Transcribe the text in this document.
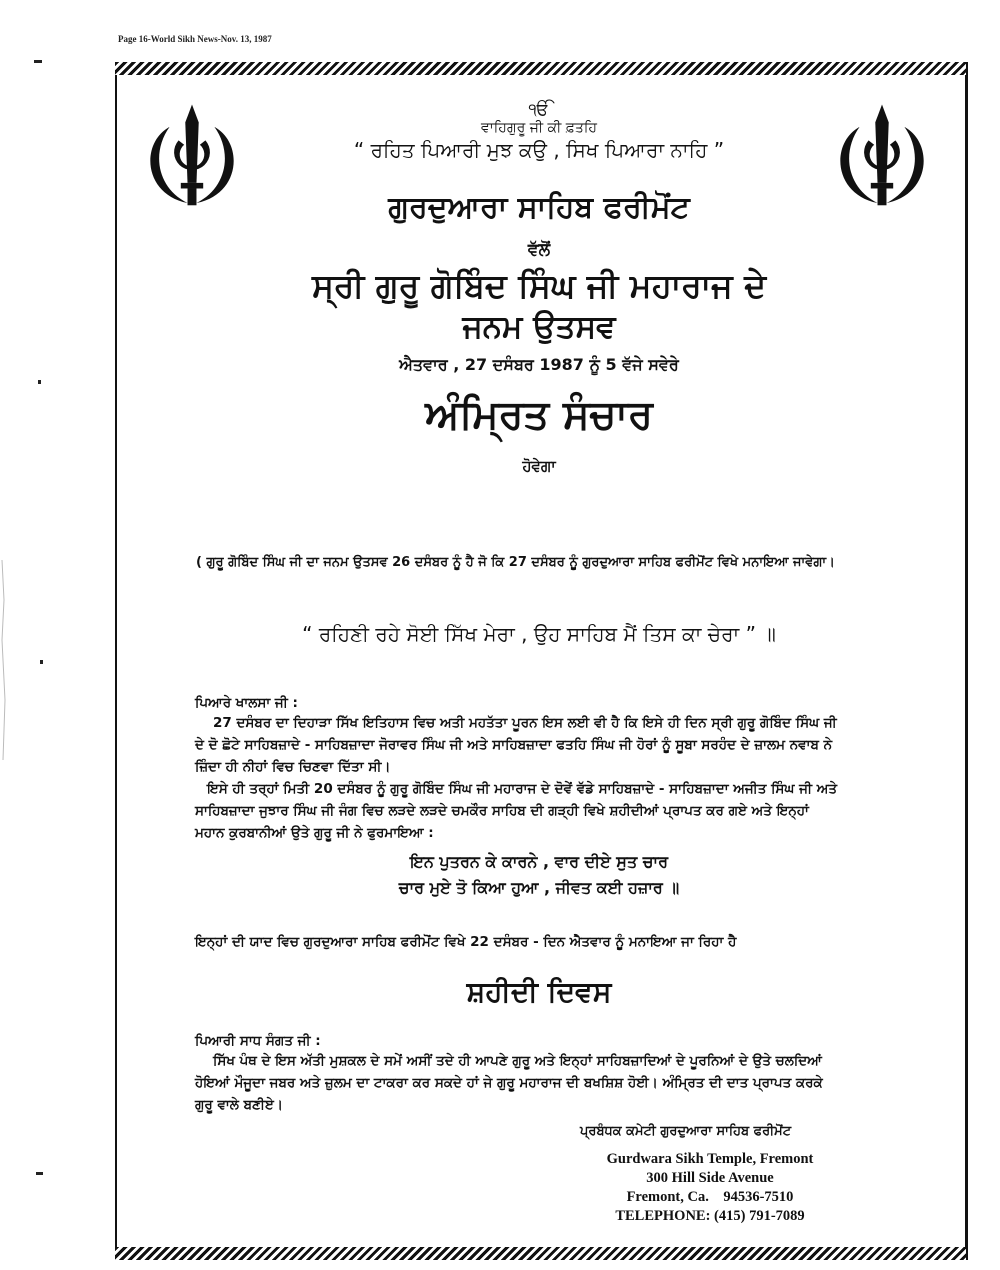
Page 16-World Sikh News-Nov. 13, 1987
ੴ
ਵਾਹਿਗੁਰੂ ਜੀ ਕੀ ਫ਼ਤਹਿ
“ ਰਹਿਤ ਪਿਆਰੀ ਮੁਝ ਕਉ , ਸਿਖ ਪਿਆਰਾ ਨਾਹਿ ”
ਗੁਰਦੁਆਰਾ ਸਾਹਿਬ ਫਰੀਮੋਂਟ
ਵੱਲੋਂ
ਸ੍ਰੀ ਗੁਰੂ ਗੋਬਿੰਦ ਸਿੰਘ ਜੀ ਮਹਾਰਾਜ ਦੇ
ਜਨਮ ਉਤਸਵ
ਐਤਵਾਰ , 27 ਦਸੰਬਰ 1987 ਨੂੰ 5 ਵੱਜੇ ਸਵੇਰੇ
ਅੰਮ੍ਰਿਤ ਸੰਚਾਰ
ਹੋਵੇਗਾ
( ਗੁਰੂ ਗੋਬਿੰਦ ਸਿੰਘ ਜੀ ਦਾ ਜਨਮ ਉਤਸਵ 26 ਦਸੰਬਰ ਨੂੰ ਹੈ ਜੋ ਕਿ 27 ਦਸੰਬਰ ਨੂੰ ਗੁਰਦੁਆਰਾ ਸਾਹਿਬ ਫਰੀਮੋਂਟ ਵਿਖੇ ਮਨਾਇਆ ਜਾਵੇਗਾ।
“ ਰਹਿਣੀ ਰਹੇ ਸੋਈ ਸਿੱਖ ਮੇਰਾ , ਉਹ ਸਾਹਿਬ ਮੈਂ ਤਿਸ ਕਾ ਚੇਰਾ ” ॥
ਪਿਆਰੇ ਖਾਲਸਾ ਜੀ :
27 ਦਸੰਬਰ ਦਾ ਦਿਹਾੜਾ ਸਿੱਖ ਇਤਿਹਾਸ ਵਿਚ ਅਤੀ ਮਹਤੱਤਾ ਪੂਰਨ ਇਸ ਲਈ ਵੀ ਹੈ ਕਿ ਇਸੇ ਹੀ ਦਿਨ ਸ੍ਰੀ ਗੁਰੂ ਗੋਬਿੰਦ ਸਿੰਘ ਜੀ ਦੇ ਦੋ ਛੋਟੇ ਸਾਹਿਬਜ਼ਾਦੇ - ਸਾਹਿਬਜ਼ਾਦਾ ਜੋਰਾਵਰ ਸਿੰਘ ਜੀ ਅਤੇ ਸਾਹਿਬਜ਼ਾਦਾ ਫਤਹਿ ਸਿੰਘ ਜੀ ਹੋਰਾਂ ਨੂੰ ਸੂਬਾ ਸਰਹੰਦ ਦੇ ਜ਼ਾਲਮ ਨਵਾਬ ਨੇ ਜ਼ਿੰਦਾ ਹੀ ਨੀਹਾਂ ਵਿਚ ਚਿਣਵਾ ਦਿੱਤਾ ਸੀ।
ਇਸੇ ਹੀ ਤਰ੍ਹਾਂ ਮਿਤੀ 20 ਦਸੰਬਰ ਨੂੰ ਗੁਰੂ ਗੋਬਿੰਦ ਸਿੰਘ ਜੀ ਮਹਾਰਾਜ ਦੇ ਦੋਵੇਂ ਵੱਡੇ ਸਾਹਿਬਜ਼ਾਦੇ - ਸਾਹਿਬਜ਼ਾਦਾ ਅਜੀਤ ਸਿੰਘ ਜੀ ਅਤੇ ਸਾਹਿਬਜ਼ਾਦਾ ਜੁਝਾਰ ਸਿੰਘ ਜੀ ਜੰਗ ਵਿਚ ਲੜਦੇ ਲੜਦੇ ਚਮਕੌਰ ਸਾਹਿਬ ਦੀ ਗੜ੍ਹੀ ਵਿਖੇ ਸ਼ਹੀਦੀਆਂ ਪ੍ਰਾਪਤ ਕਰ ਗਏ ਅਤੇ ਇਨ੍ਹਾਂ ਮਹਾਨ ਕੁਰਬਾਨੀਆਂ ਉਤੇ ਗੁਰੂ ਜੀ ਨੇ ਫੁਰਮਾਇਆ :
ਇਨ ਪੁਤਰਨ ਕੇ ਕਾਰਨੇ , ਵਾਰ ਦੀਏ ਸੁਤ ਚਾਰ
ਚਾਰ ਮੁਏ ਤੋ ਕਿਆ ਹੁਆ , ਜੀਵਤ ਕਈ ਹਜ਼ਾਰ ॥
ਇਨ੍ਹਾਂ ਦੀ ਯਾਦ ਵਿਚ ਗੁਰਦੁਆਰਾ ਸਾਹਿਬ ਫਰੀਮੋਂਟ ਵਿਖੇ 22 ਦਸੰਬਰ - ਦਿਨ ਐਤਵਾਰ ਨੂੰ ਮਨਾਇਆ ਜਾ ਰਿਹਾ ਹੈ
ਸ਼ਹੀਦੀ ਦਿਵਸ
ਪਿਆਰੀ ਸਾਧ ਸੰਗਤ ਜੀ :
ਸਿੱਖ ਪੰਥ ਦੇ ਇਸ ਅੱਤੀ ਮੁਸ਼ਕਲ ਦੇ ਸਮੇਂ ਅਸੀਂ ਤਦੇ ਹੀ ਆਪਣੇ ਗੁਰੂ ਅਤੇ ਇਨ੍ਹਾਂ ਸਾਹਿਬਜ਼ਾਦਿਆਂ ਦੇ ਪੂਰਨਿਆਂ ਦੇ ਉਤੇ ਚਲਦਿਆਂ ਹੋਇਆਂ ਮੌਜੂਦਾ ਜਬਰ ਅਤੇ ਜ਼ੁਲਮ ਦਾ ਟਾਕਰਾ ਕਰ ਸਕਦੇ ਹਾਂ ਜੇ ਗੁਰੂ ਮਹਾਰਾਜ ਦੀ ਬਖਸ਼ਿਸ਼ ਹੋਈ। ਅੰਮ੍ਰਿਤ ਦੀ ਦਾਤ ਪ੍ਰਾਪਤ ਕਰਕੇ ਗੁਰੂ ਵਾਲੇ ਬਣੀਏ।
ਪ੍ਰਬੰਧਕ ਕਮੇਟੀ ਗੁਰਦੁਆਰਾ ਸਾਹਿਬ ਫਰੀਮੋਂਟ
Gurdwara Sikh Temple, Fremont
300 Hill Side Avenue
Fremont, Ca.    94536-7510
TELEPHONE: (415) 791-7089
